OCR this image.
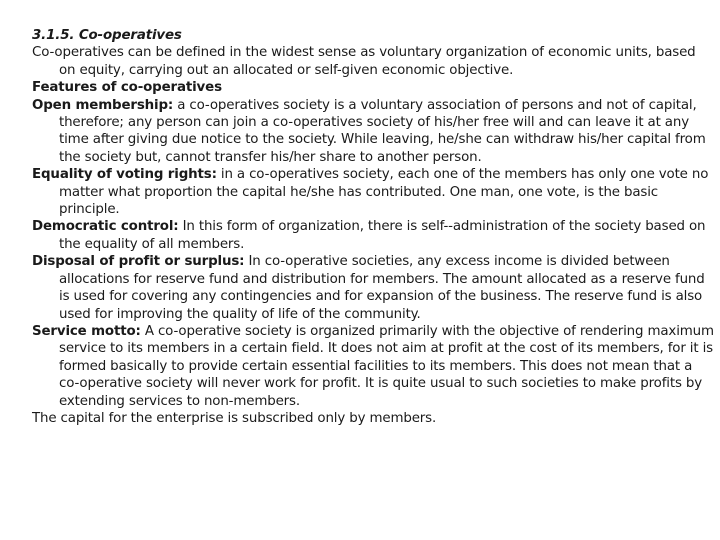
3.1.5. Co-operatives

Co-operatives can be defined in the widest sense as voluntary organization of economic units, based on equity, carrying out an allocated or self-given economic objective.

Features of co-operatives

Open membership: a co-operatives society is a voluntary association of persons and not of capital, therefore; any person can join a co-operatives society of his/her free will and can leave it at any time after giving due notice to the society. While leaving, he/she can withdraw his/her capital from the society but, cannot transfer his/her share to another person.

Equality of voting rights: in a co-operatives society, each one of the members has only one vote no matter what proportion the capital he/she has contributed. One man, one vote, is the basic principle.

Democratic control: In this form of organization, there is self--administration of the society based on the equality of all members.

Disposal of profit or surplus: In co-operative societies, any excess income is divided between allocations for reserve fund and distribution for members. The amount allocated as a reserve fund is used for covering any contingencies and for expansion of the business. The reserve fund is also used for improving the quality of life of the community.

Service motto: A co-operative society is organized primarily with the objective of rendering maximum service to its members in a certain field. It does not aim at profit at the cost of its members, for it is formed basically to provide certain essential facilities to its members. This does not mean that a co-operative society will never work for profit. It is quite usual to such societies to make profits by extending services to non-members.

The capital for the enterprise is subscribed only by members.
